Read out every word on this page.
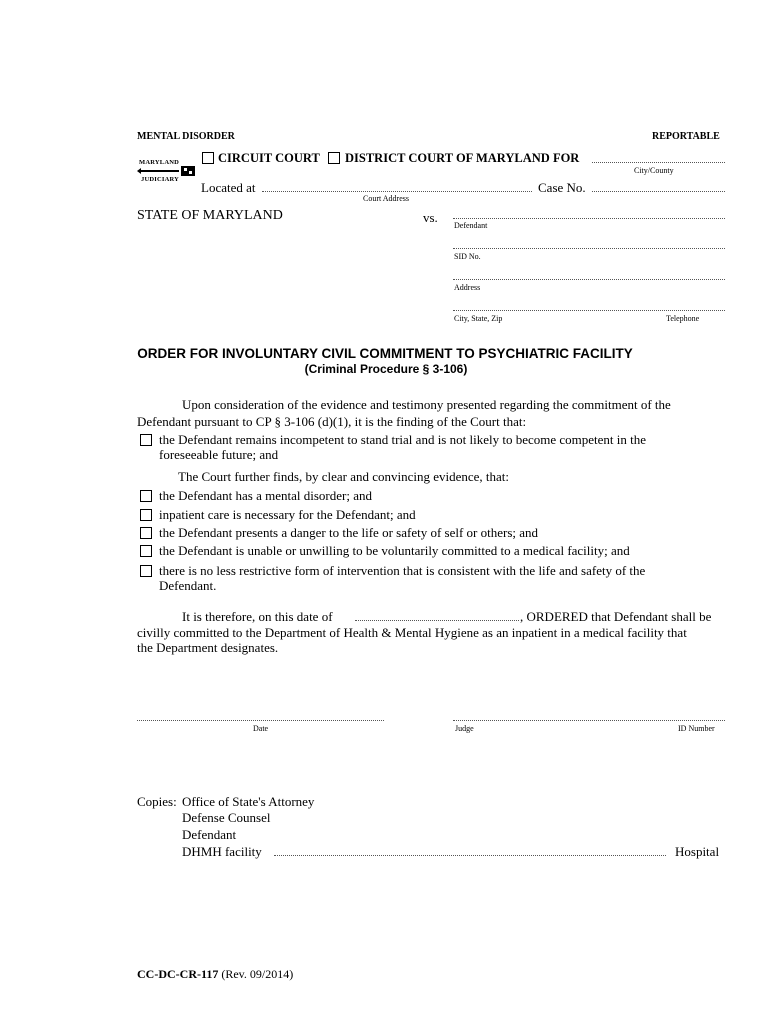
MENTAL DISORDER	REPORTABLE
MARYLAND
JUDICIARY
CIRCUIT COURT DISTRICT COURT OF MARYLAND FOR
City/County
Located at
Court Address
Case No.
STATE OF MARYLAND	vs.
Defendant
SID No.
Address
City, State, Zip	Telephone
ORDER FOR INVOLUNTARY CIVIL COMMITMENT TO PSYCHIATRIC FACILITY
(Criminal Procedure § 3-106)
Upon consideration of the evidence and testimony presented regarding the commitment of the
Defendant pursuant to CP § 3-106 (d)(1), it is the finding of the Court that:
the Defendant remains incompetent to stand trial and is not likely to become competent in the
foreseeable future; and
The Court further finds, by clear and convincing evidence, that:
the Defendant has a mental disorder; and
inpatient care is necessary for the Defendant; and
the Defendant presents a danger to the life or safety of self or others; and
the Defendant is unable or unwilling to be voluntarily committed to a medical facility; and
there is no less restrictive form of intervention that is consistent with the life and safety of the
Defendant.
It is therefore, on this date of	, ORDERED that Defendant shall be
civilly committed to the Department of Health & Mental Hygiene as an inpatient in a medical facility that
the Department designates.
Date	Judge	ID Number
Copies: Office of State's Attorney
Defense Counsel
Defendant
DHMH facility	Hospital
CC-DC-CR-117 (Rev. 09/2014)
